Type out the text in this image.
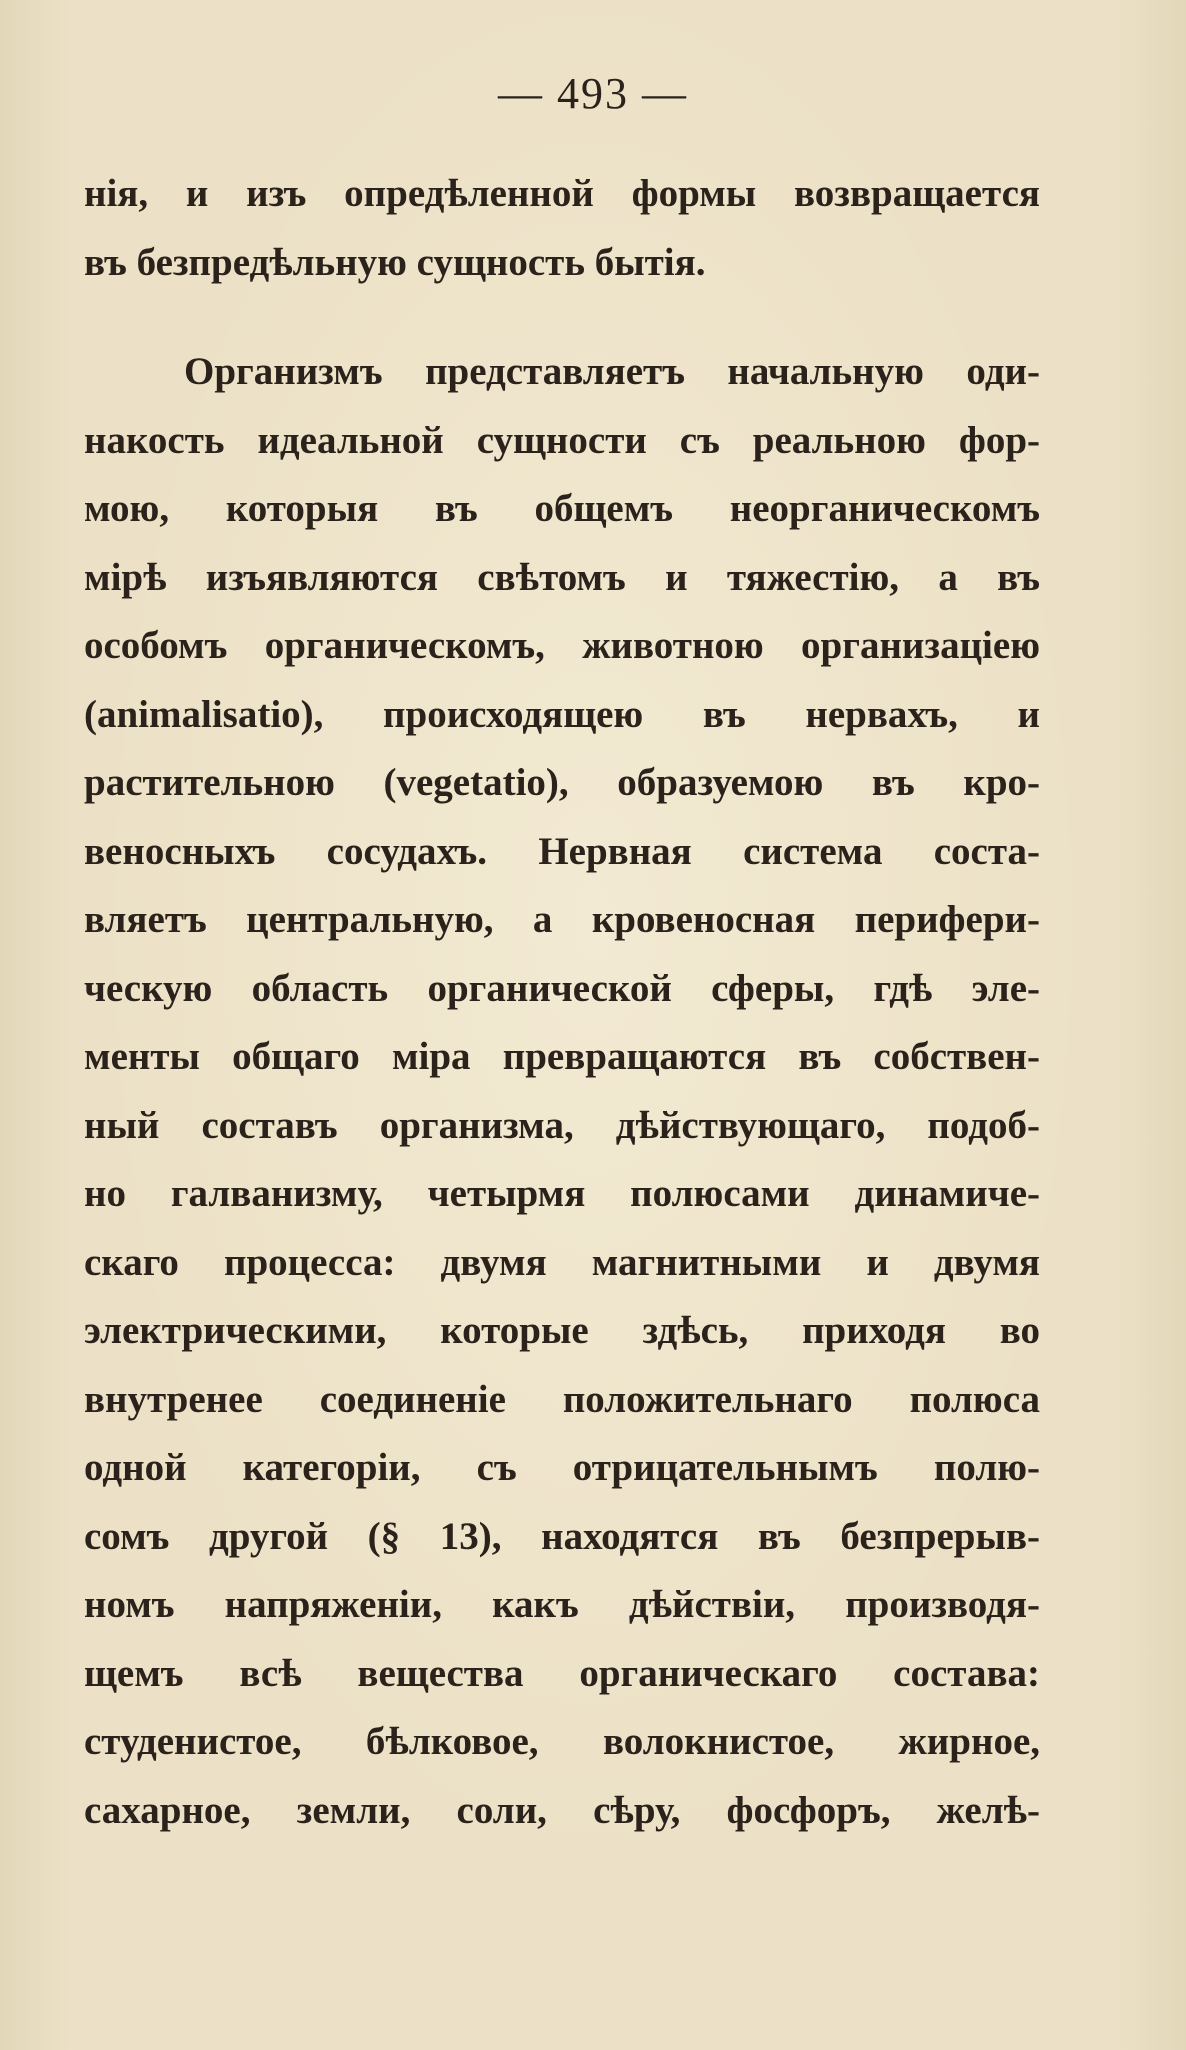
— 493 —
нія, и изъ опредѣленной формы возвращается
въ безпредѣльную сущность бытія.
Организмъ представляетъ начальную оди-
накость идеальной сущности съ реальною фор-
мою, которыя въ общемъ неорганическомъ
мірѣ изъявляются свѣтомъ и тяжестію, а въ
особомъ органическомъ, животною организаціею
(animalisatio), происходящею въ нервахъ, и
растительною (vegetatio), образуемою въ кро-
веносныхъ сосудахъ. Нервная система соста-
вляетъ центральную, а кровеносная перифери-
ческую область органической сферы, гдѣ эле-
менты общаго міра превращаются въ собствен-
ный составъ организма, дѣйствующаго, подоб-
но галванизму, четырмя полюсами динамиче-
скаго процесса: двумя магнитными и двумя
электрическими, которые здѣсь, приходя во
внутренее соединеніе положительнаго полюса
одной категоріи, съ отрицательнымъ полю-
сомъ другой (§ 13), находятся въ безпрерыв-
номъ напряженіи, какъ дѣйствіи, производя-
щемъ всѣ вещества органическаго состава:
студенистое, бѣлковое, волокнистое, жирное,
сахарное, земли, соли, сѣру, фосфоръ, желѣ-
